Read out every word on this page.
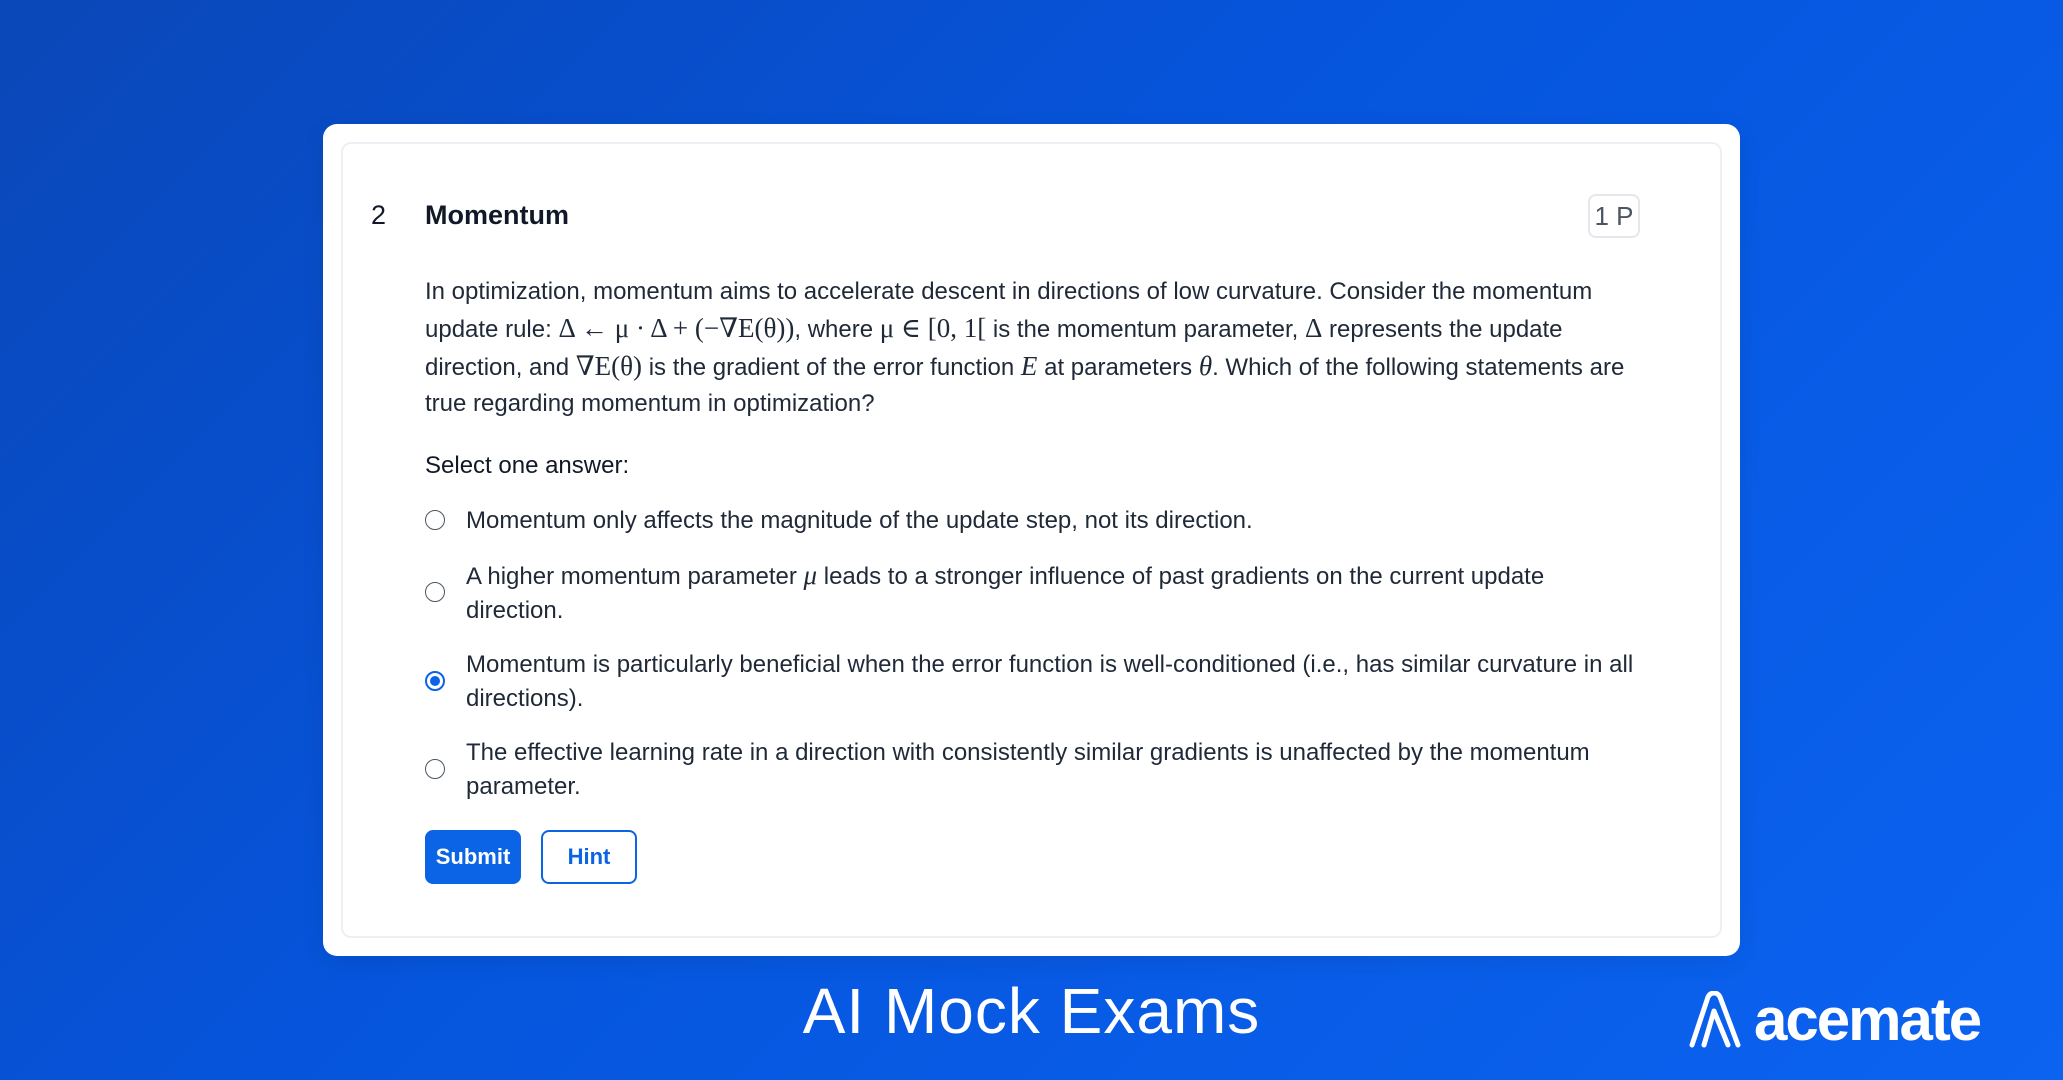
2 Momentum	1 P
In optimization, momentum aims to accelerate descent in directions of low curvature. Consider the momentum update rule: Δ ← μ · Δ + (−∇E(θ)), where μ ∈ [0, 1[ is the momentum parameter, Δ represents the update direction, and ∇E(θ) is the gradient of the error function E at parameters θ. Which of the following statements are true regarding momentum in optimization?
Select one answer:
Momentum only affects the magnitude of the update step, not its direction.
A higher momentum parameter μ leads to a stronger influence of past gradients on the current update direction.
Momentum is particularly beneficial when the error function is well-conditioned (i.e., has similar curvature in all directions).
The effective learning rate in a direction with consistently similar gradients is unaffected by the momentum parameter.
Submit	Hint
AI Mock Exams	acemate
